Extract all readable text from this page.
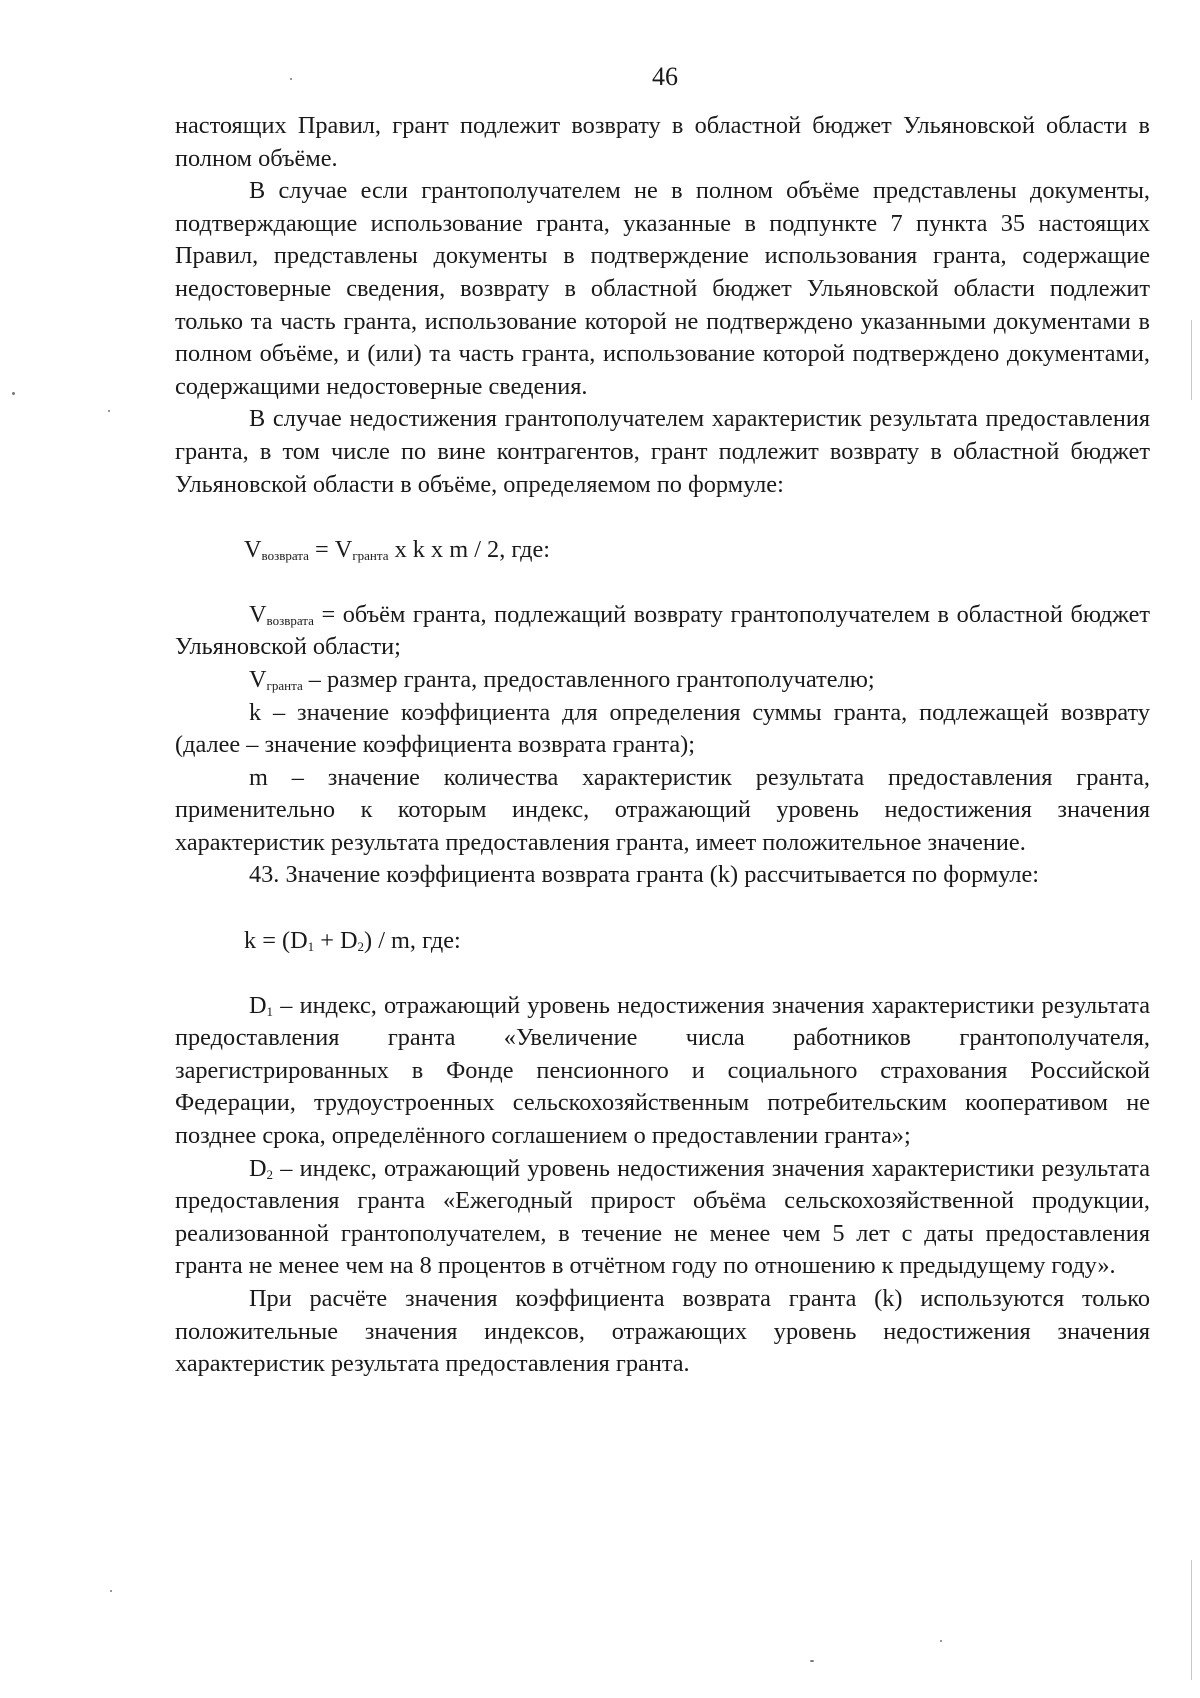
46

настоящих Правил, грант подлежит возврату в областной бюджет Ульяновской области в полном объёме.

В случае если грантополучателем не в полном объёме представлены документы, подтверждающие использование гранта, указанные в подпункте 7 пункта 35 настоящих Правил, представлены документы в подтверждение использования гранта, содержащие недостоверные сведения, возврату в областной бюджет Ульяновской области подлежит только та часть гранта, использование которой не подтверждено указанными документами в полном объёме, и (или) та часть гранта, использование которой подтверждено документами, содержащими недостоверные сведения.

В случае недостижения грантополучателем характеристик результата предоставления гранта, в том числе по вине контрагентов, грант подлежит возврату в областной бюджет Ульяновской области в объёме, определяемом по формуле:

$V_{возврата} = V_{гранта}$ х k х m / 2, где:

$V_{возврата}$ = объём гранта, подлежащий возврату грантополучателем в областной бюджет Ульяновской области;

$V_{гранта}$ – размер гранта, предоставленного грантополучателю;

k – значение коэффициента для определения суммы гранта, подлежащей возврату (далее – значение коэффициента возврата гранта);

m – значение количества характеристик результата предоставления гранта, применительно к которым индекс, отражающий уровень недостижения значения характеристик результата предоставления гранта, имеет положительное значение.

43. Значение коэффициента возврата гранта (k) рассчитывается по формуле:

$k = (D_1 + D_2) / m$, где:

$D_1$ – индекс, отражающий уровень недостижения значения характеристики результата предоставления гранта «Увеличение числа работников грантополучателя, зарегистрированных в Фонде пенсионного и социального страхования Российской Федерации, трудоустроенных сельскохозяйственным потребительским кооперативом не позднее срока, определённого соглашением о предоставлении гранта»;

$D_2$ – индекс, отражающий уровень недостижения значения характеристики результата предоставления гранта «Ежегодный прирост объёма сельскохозяйственной продукции, реализованной грантополучателем, в течение не менее чем 5 лет с даты предоставления гранта не менее чем на 8 процентов в отчётном году по отношению к предыдущему году».

При расчёте значения коэффициента возврата гранта (k) используются только положительные значения индексов, отражающих уровень недостижения значения характеристик результата предоставления гранта.
